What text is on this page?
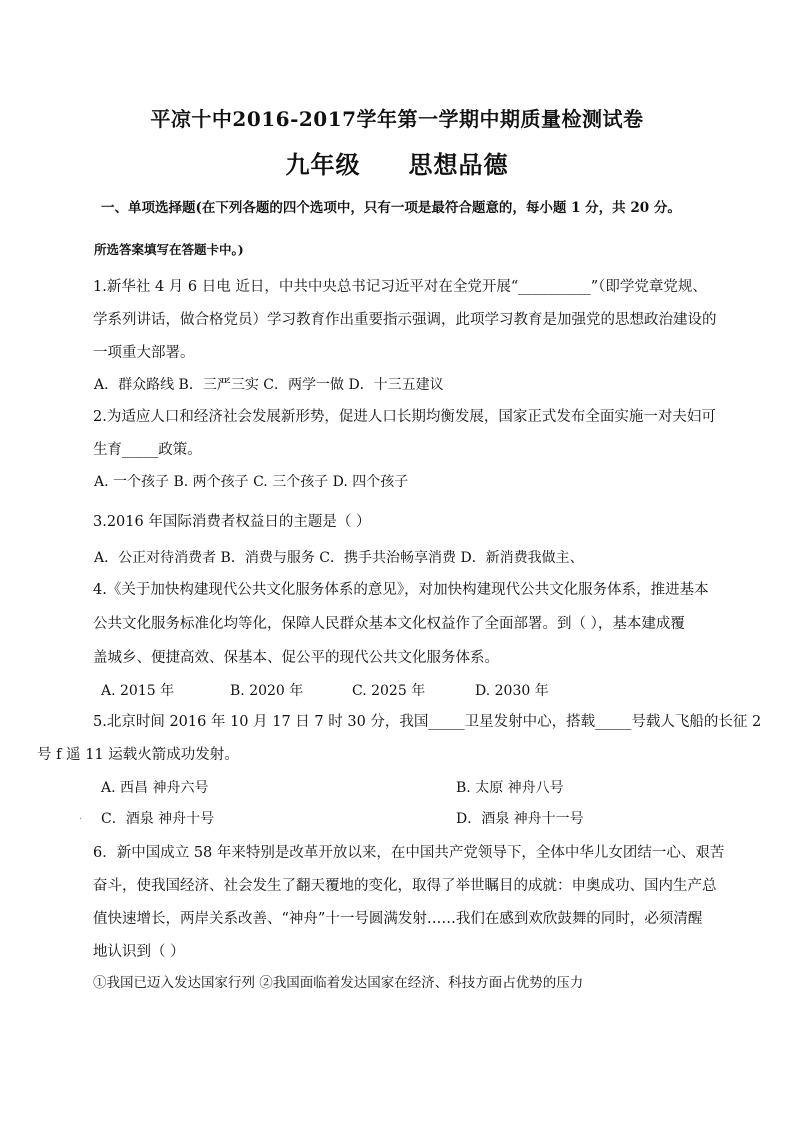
平凉十中2016-2017学年第一学期中期质量检测试卷
九年级 思想品德
一、单项选择题(在下列各题的四个选项中，只有一项是最符合题意的，每小题 1 分，共 20 分。
所选答案填写在答题卡中。)
1.新华社 4 月 6 日电 近日，中共中央总书记习近平对在全党开展“__________”（即学党章党规、
学系列讲话，做合格党员）学习教育作出重要指示强调，此项学习教育是加强党的思想政治建设的
一项重大部署。
A．群众路线 B．三严三实 C．两学一做 D．十三五建议
2.为适应人口和经济社会发展新形势，促进人口长期均衡发展，国家正式发布全面实施一对夫妇可
生育_____政策。
A. 一个孩子 B. 两个孩子 C. 三个孩子 D. 四个孩子
3.2016 年国际消费者权益日的主题是（ ）
A．公正对待消费者 B．消费与服务 C．携手共治畅享消费 D．新消费我做主、
4.《关于加快构建现代公共文化服务体系的意见》，对加快构建现代公共文化服务体系，推进基本
公共文化服务标准化均等化，保障人民群众基本文化权益作了全面部署。到（ ），基本建成覆
盖城乡、便捷高效、保基本、促公平的现代公共文化服务体系。
A. 2015 年	B. 2020 年	C. 2025 年	D. 2030 年
5.北京时间 2016 年 10 月 17 日 7 时 30 分，我国_____卫星发射中心，搭载_____号载人飞船的长征 2
号 f 遥 11 运载火箭成功发射。
A. 西昌 神舟六号	B. 太原 神舟八号
. C．酒泉 神舟十号	D．酒泉 神舟十一号
6．新中国成立 58 年来特别是改革开放以来，在中国共产党领导下，全体中华儿女团结一心、艰苦
奋斗，使我国经济、社会发生了翻天覆地的变化，取得了举世瞩目的成就：申奥成功、国内生产总
值快速增长，两岸关系改善、“神舟”十一号圆满发射……我们在感到欢欣鼓舞的同时，必须清醒
地认识到（ ）
①我国已迈入发达国家行列 ②我国面临着发达国家在经济、科技方面占优势的压力
